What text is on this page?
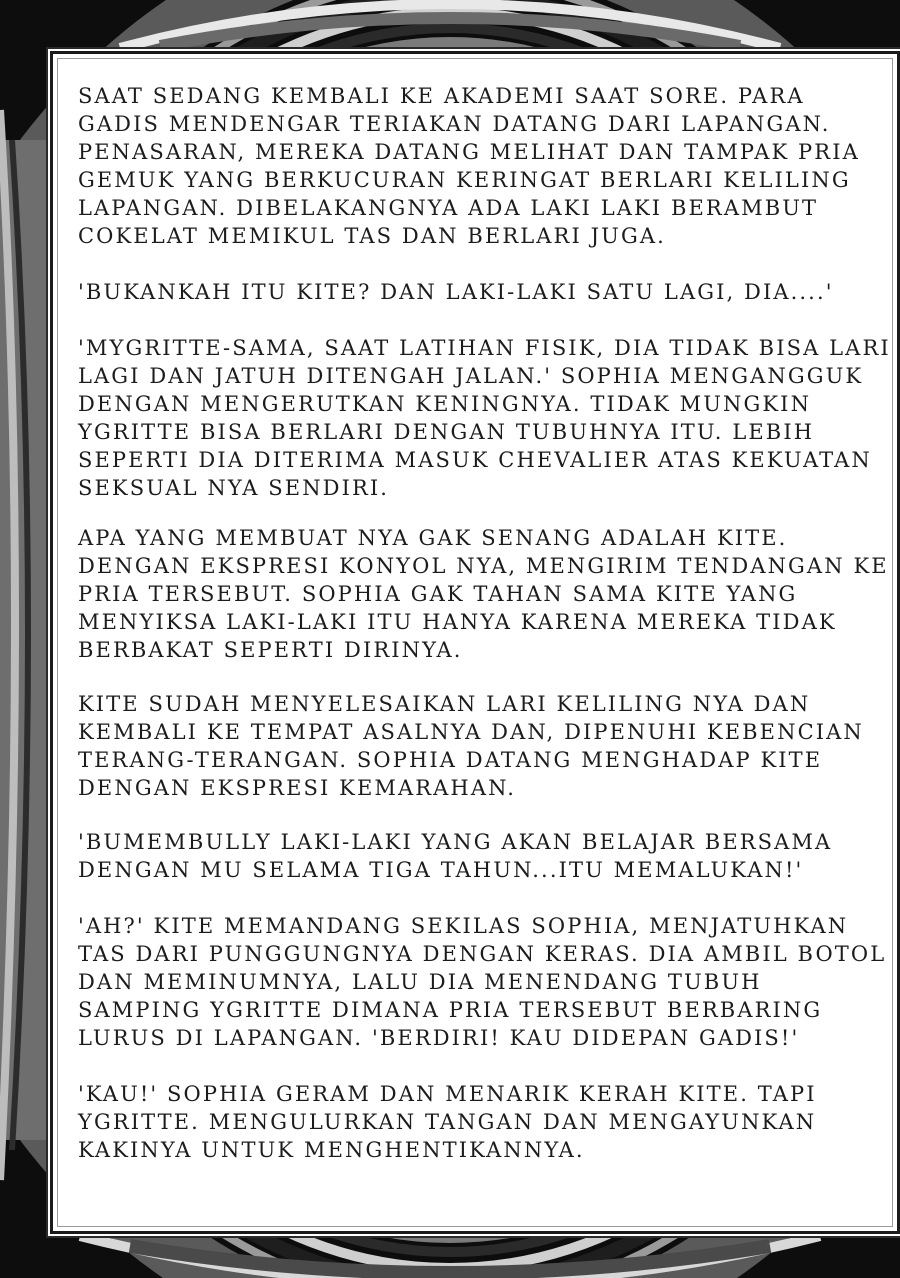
SAAT SEDANG KEMBALI KE AKADEMI SAAT SORE. PARA GADIS MENDENGAR TERIAKAN DATANG DARI LAPANGAN. PENASARAN, MEREKA DATANG MELIHAT DAN TAMPAK PRIA GEMUK YANG BERKUCURAN KERINGAT BERLARI KELILING LAPANGAN. DIBELAKANGNYA ADA LAKI LAKI BERAMBUT COKELAT MEMIKUL TAS DAN BERLARI JUGA.

'BUKANKAH ITU KITE? DAN LAKI-LAKI SATU LAGI, DIA....'

'MYGRITTE-SAMA, SAAT LATIHAN FISIK, DIA TIDAK BISA LARI LAGI DAN JATUH DITENGAH JALAN.' SOPHIA MENGANGGUK DENGAN MENGERUTKAN KENINGNYA. TIDAK MUNGKIN YGRITTE BISA BERLARI DENGAN TUBUHNYA ITU. LEBIH SEPERTI DIA DITERIMA MASUK CHEVALIER ATAS KEKUATAN SEKSUAL NYA SENDIRI.

APA YANG MEMBUAT NYA GAK SENANG ADALAH KITE. DENGAN EKSPRESI KONYOL NYA, MENGIRIM TENDANGAN KE PRIA TERSEBUT. SOPHIA GAK TAHAN SAMA KITE YANG MENYIKSA LAKI-LAKI ITU HANYA KARENA MEREKA TIDAK BERBAKAT SEPERTI DIRINYA.

KITE SUDAH MENYELESAIKAN LARI KELILING NYA DAN KEMBALI KE TEMPAT ASALNYA DAN, DIPENUHI KEBENCIAN TERANG-TERANGAN. SOPHIA DATANG MENGHADAP KITE DENGAN EKSPRESI KEMARAHAN.

'BUMEMBULLY LAKI-LAKI YANG AKAN BELAJAR BERSAMA DENGAN MU SELAMA TIGA TAHUN...ITU MEMALUKAN!'

'AH?' KITE MEMANDANG SEKILAS SOPHIA, MENJATUHKAN TAS DARI PUNGGUNGNYA DENGAN KERAS. DIA AMBIL BOTOL DAN MEMINUMNYA, LALU DIA MENENDANG TUBUH SAMPING YGRITTE DIMANA PRIA TERSEBUT BERBARING LURUS DI LAPANGAN. 'BERDIRI! KAU DIDEPAN GADIS!'

'KAU!' SOPHIA GERAM DAN MENARIK KERAH KITE. TAPI YGRITTE. MENGULURKAN TANGAN DAN MENGAYUNKAN KAKINYA UNTUK MENGHENTIKANNYA.
